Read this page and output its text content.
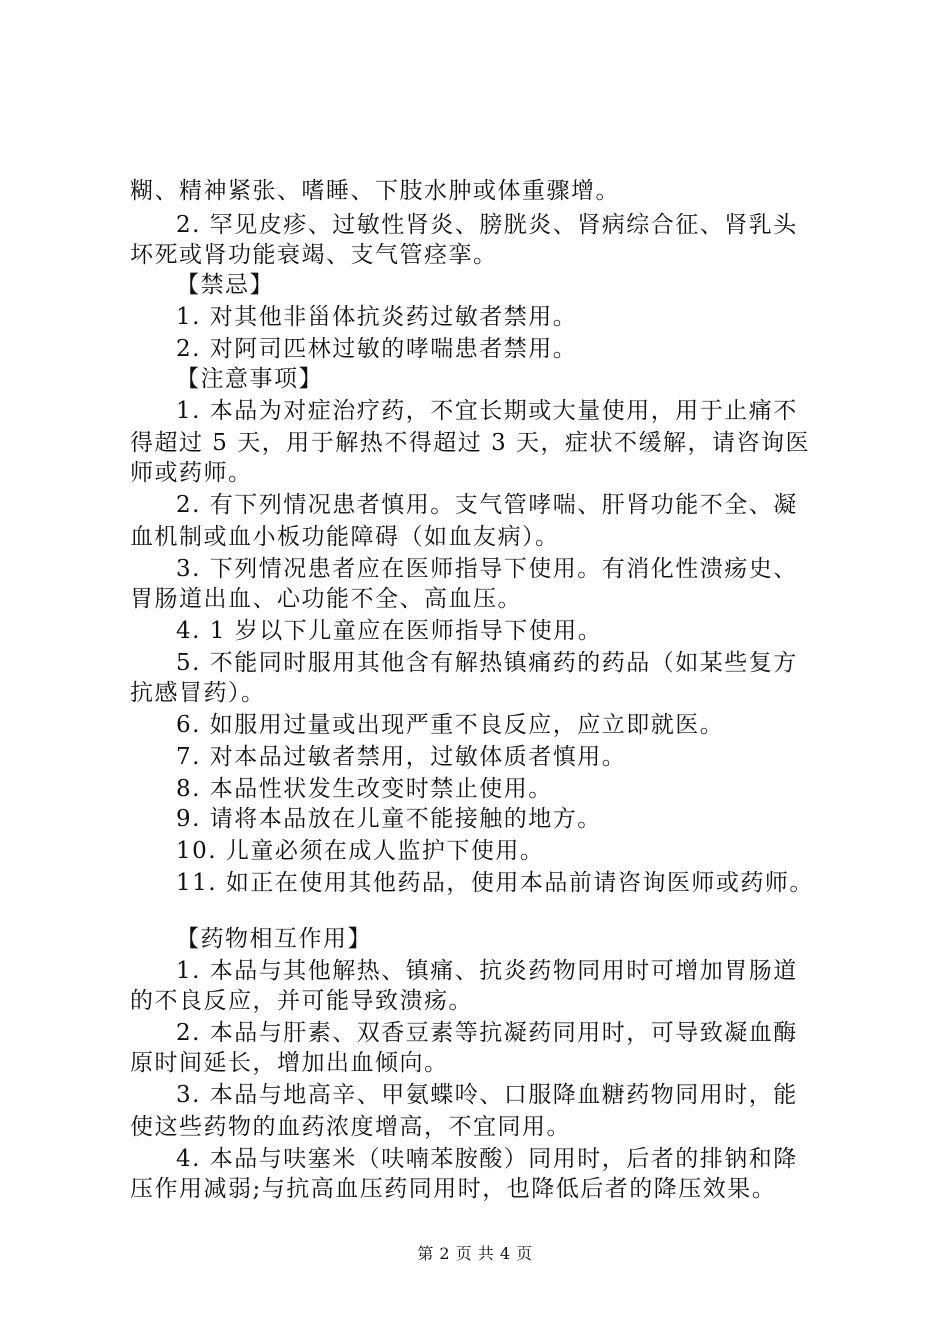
糊、精神紧张、嗜睡、下肢水肿或体重骤增。
2. 罕见皮疹、过敏性肾炎、膀胱炎、肾病综合征、肾乳头
坏死或肾功能衰竭、支气管痉挛。
【禁忌】
1. 对其他非甾体抗炎药过敏者禁用。
2. 对阿司匹林过敏的哮喘患者禁用。
【注意事项】
1. 本品为对症治疗药，不宜长期或大量使用，用于止痛不
得超过 5 天，用于解热不得超过 3 天，症状不缓解，请咨询医
师或药师。
2. 有下列情况患者慎用。支气管哮喘、肝肾功能不全、凝
血机制或血小板功能障碍（如血友病）。
3. 下列情况患者应在医师指导下使用。有消化性溃疡史、
胃肠道出血、心功能不全、高血压。
4. 1 岁以下儿童应在医师指导下使用。
5. 不能同时服用其他含有解热镇痛药的药品（如某些复方
抗感冒药）。
6. 如服用过量或出现严重不良反应，应立即就医。
7. 对本品过敏者禁用，过敏体质者慎用。
8. 本品性状发生改变时禁止使用。
9. 请将本品放在儿童不能接触的地方。
10. 儿童必须在成人监护下使用。
11. 如正在使用其他药品，使用本品前请咨询医师或药师。
【药物相互作用】
1. 本品与其他解热、镇痛、抗炎药物同用时可增加胃肠道
的不良反应，并可能导致溃疡。
2. 本品与肝素、双香豆素等抗凝药同用时，可导致凝血酶
原时间延长，增加出血倾向。
3. 本品与地高辛、甲氨蝶呤、口服降血糖药物同用时，能
使这些药物的血药浓度增高，不宜同用。
4. 本品与呋塞米（呋喃苯胺酸）同用时，后者的排钠和降
压作用减弱;与抗高血压药同用时，也降低后者的降压效果。
第 2 页 共 4 页
